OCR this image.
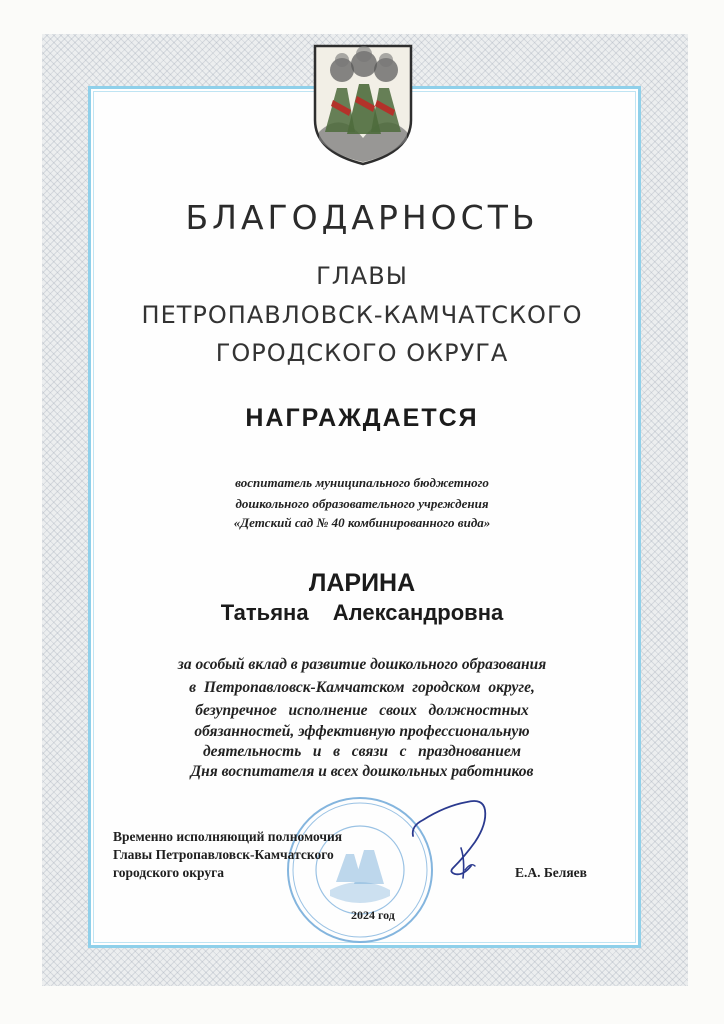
БЛАГОДАРНОСТЬ
ГЛАВЫ
ПЕТРОПАВЛОВСК-КАМЧАТСКОГО
ГОРОДСКОГО ОКРУГА
НАГРАЖДАЕТСЯ
воспитатель муниципального бюджетного
дошкольного образовательного учреждения
«Детский сад № 40 комбинированного вида»
ЛАРИНА
Татьяна  Александровна
за особый вклад в развитие дошкольного образования
в  Петропавловск-Камчатском  городском  округе,
безупречное   исполнение   своих   должностных
обязанностей, эффективную профессиональную
деятельность   и   в   связи   с   празднованием
Дня воспитателя и всех дошкольных работников
Временно исполняющий полномочия
Главы Петропавловск-Камчатского
городского округа	Е.А. Беляев
2024 год
